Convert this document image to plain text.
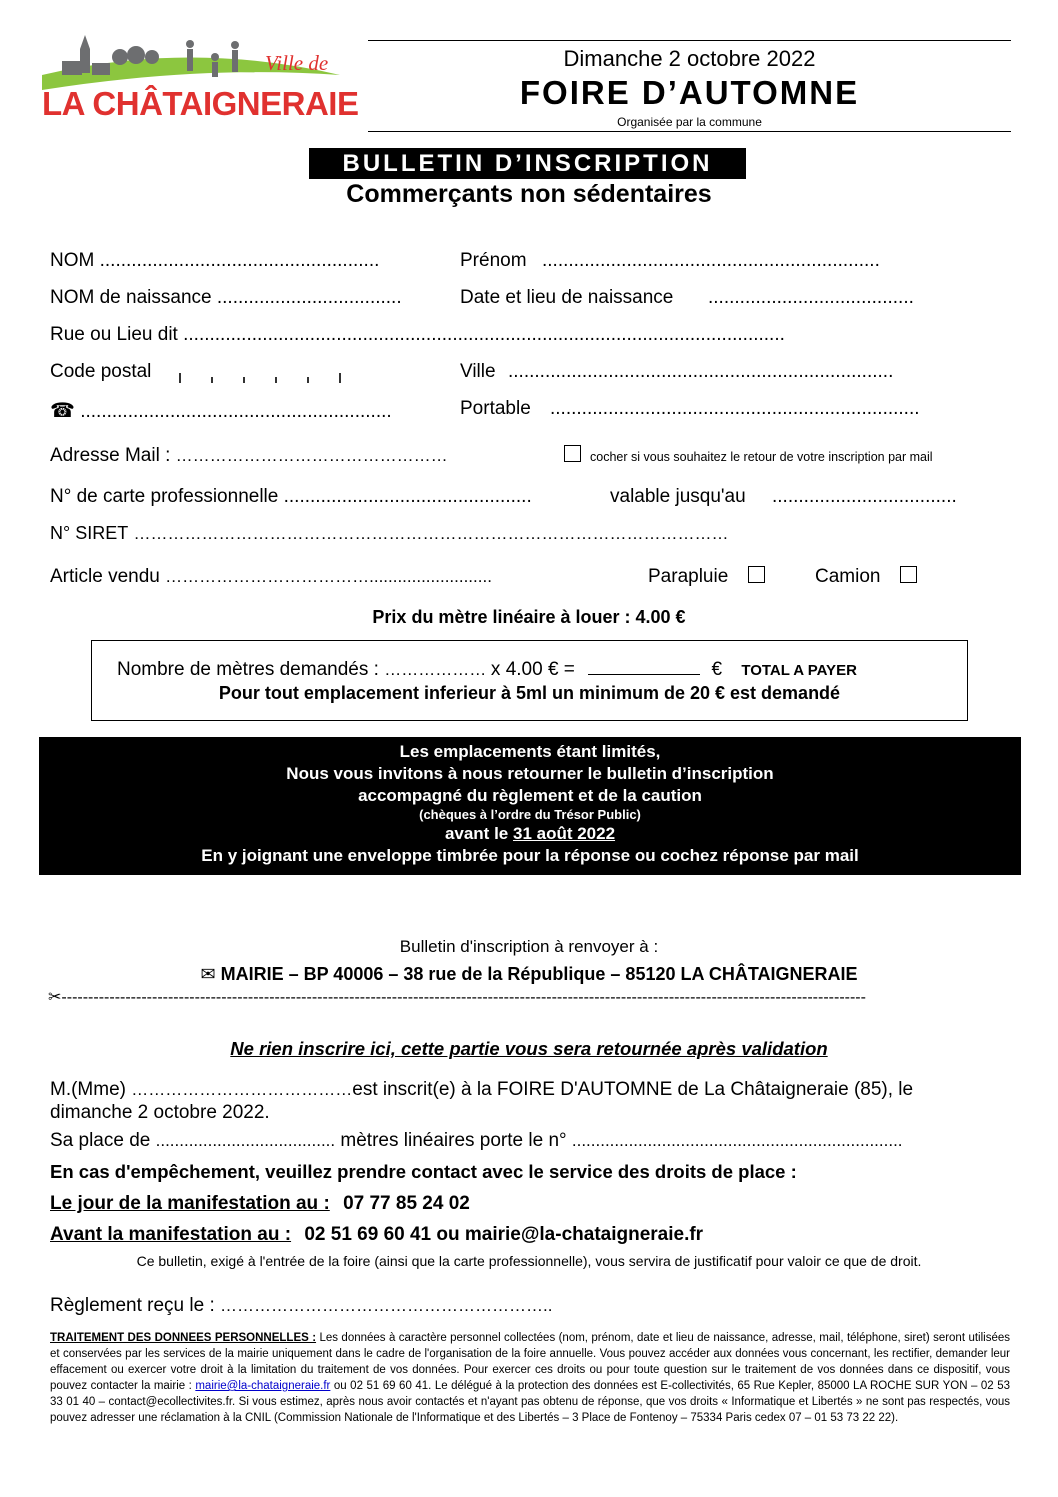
Ville de
LA CHÂTAIGNERAIE
Dimanche 2 octobre 2022
FOIRE D’AUTOMNE
Organisée par la commune
BULLETIN D’INSCRIPTION
Commerçants non sédentaires
NOM .....................................................	Prénom ................................................................
NOM de naissance ...................................	Date et lieu de naissance .......................................
Rue ou Lieu dit ..................................................................................................................
Code postal	Ville .........................................................................
☎ ...........................................................	Portable ......................................................................
Adresse Mail : …………………………………………	cocher si vous souhaitez le retour de votre inscription par mail
N° de carte professionnelle ...............................................	valable jusqu'au ...................................
N° SIRET ……………………………………………………………………………………………
Article vendu ………………………………..........................	Parapluie	Camion
Prix du mètre linéaire à louer : 4.00 €
Nombre de mètres demandés : ……………… x 4.00 € =	€ TOTAL A PAYER
Pour tout emplacement inferieur à 5ml un minimum de 20 € est demandé
Les emplacements étant limités,
Nous vous invitons à nous retourner le bulletin d’inscription
accompagné du règlement et de la caution
(chèques à l’ordre du Trésor Public)
avant le 31 août 2022
En y joignant une enveloppe timbrée pour la réponse ou cochez réponse par mail
Bulletin d'inscription à renvoyer à :
✉ MAIRIE – BP 40006 – 38 rue de la République – 85120 LA CHÂTAIGNERAIE
✂-------------------------------------------------------------------------------------------------------------------------------------------------------
Ne rien inscrire ici, cette partie vous sera retournée après validation
M.(Mme) …………………………………est inscrit(e) à la FOIRE D'AUTOMNE de La Châtaigneraie (85), le
dimanche 2 octobre 2022.
Sa place de ...................................... mètres linéaires porte le n° ......................................................................
En cas d'empêchement, veuillez prendre contact avec le service des droits de place :
Le jour de la manifestation au : 07 77 85 24 02
Avant la manifestation au : 02 51 69 60 41 ou mairie@la-chataigneraie.fr
Ce bulletin, exigé à l'entrée de la foire (ainsi que la carte professionnelle), vous servira de justificatif pour valoir ce que de droit.
Règlement reçu le : …………………………………………………..
TRAITEMENT DES DONNEES PERSONNELLES : Les données à caractère personnel collectées (nom, prénom, date et lieu de naissance, adresse, mail, téléphone, siret) seront utilisées et conservées par les services de la mairie uniquement dans le cadre de l'organisation de la foire annuelle. Vous pouvez accéder aux données vous concernant, les rectifier, demander leur effacement ou exercer votre droit à la limitation du traitement de vos données. Pour exercer ces droits ou pour toute question sur le traitement de vos données dans ce dispositif, vous pouvez contacter la mairie : mairie@la-chataigneraie.fr ou 02 51 69 60 41. Le délégué à la protection des données est E-collectivités, 65 Rue Kepler, 85000 LA ROCHE SUR YON – 02 53 33 01 40 – contact@ecollectivites.fr. Si vous estimez, après nous avoir contactés et n'ayant pas obtenu de réponse, que vos droits « Informatique et Libertés » ne sont pas respectés, vous pouvez adresser une réclamation à la CNIL (Commission Nationale de l'Informatique et des Libertés – 3 Place de Fontenoy – 75334 Paris cedex 07 – 01 53 73 22 22).
